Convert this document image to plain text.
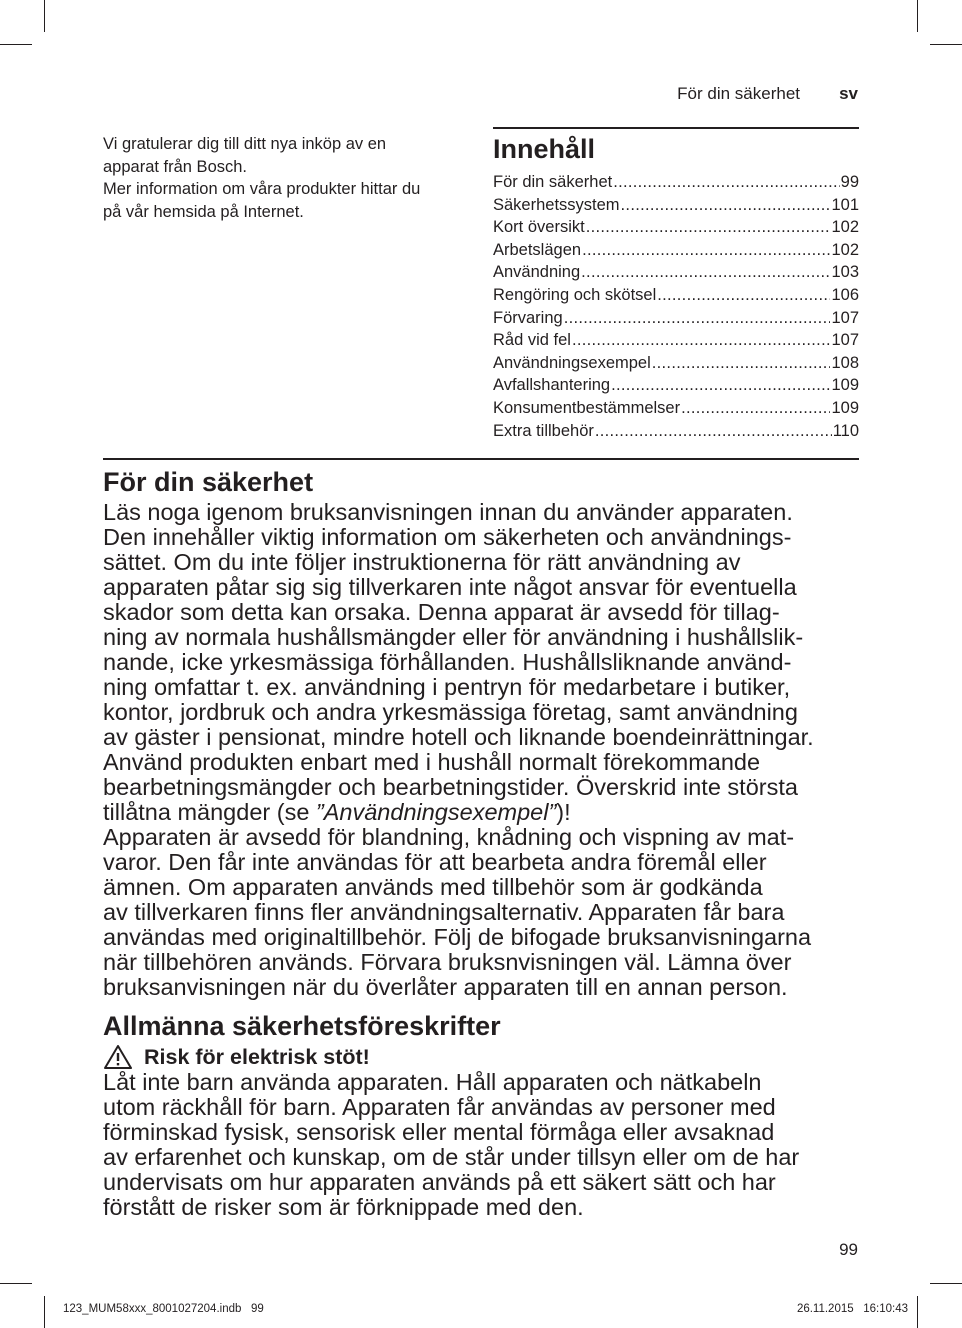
För din säkerhet sv
Vi gratulerar dig till ditt nya inköp av en
apparat från Bosch.
Mer information om våra produkter hittar du
på vår hemsida på Internet.
Innehåll
För din säkerhet .....	99
Säkerhetssystem .....	101
Kort översikt .....	102
Arbetslägen .....	102
Användning .....	103
Rengöring och skötsel .....	106
Förvaring .....	107
Råd vid fel .....	107
Användningsexempel .....	108
Avfallshantering .....	109
Konsumentbestämmelser .....	109
Extra tillbehör .....	110
För din säkerhet

Läs noga igenom bruksanvisningen innan du använder apparaten.
Den innehåller viktig information om säkerheten och användnings-
sättet. Om du inte följer instruktionerna för rätt användning av
apparaten påtar sig sig tillverkaren inte något ansvar för eventuella
skador som detta kan orsaka. Denna apparat är avsedd för tillag-
ning av normala hushållsmängder eller för användning i hushållslik-
nande, icke yrkesmässiga förhållanden. Hushållsliknande använd-
ning omfattar t. ex. användning i pentryn för medarbetare i butiker,
kontor, jordbruk och andra yrkesmässiga företag, samt användning
av gäster i pensionat, mindre hotell och liknande boendeinrättningar.
Använd produkten enbart med i hushåll normalt förekommande
bearbetningsmängder och bearbetningstider. Överskrid inte största
tillåtna mängder (se ”Användningsexempel”)!

Apparaten är avsedd för blandning, knådning och vispning av mat-
varor. Den får inte användas för att bearbeta andra föremål eller
ämnen. Om apparaten används med tillbehör som är godkända
av tillverkaren finns fler användningsalternativ. Apparaten får bara
användas med originaltillbehör. Följ de bifogade bruksanvisningarna
när tillbehören används. Förvara bruksnvisningen väl. Lämna över
bruksanvisningen när du överlåter apparaten till en annan person.

Allmänna säkerhetsföreskrifter
Risk för elektrisk stöt!
Låt inte barn använda apparaten. Håll apparaten och nätkabeln
utom räckhåll för barn. Apparaten får användas av personer med
förminskad fysisk, sensorisk eller mental förmåga eller avsaknad
av erfarenhet och kunskap, om de står under tillsyn eller om de har
undervisats om hur apparaten används på ett säkert sätt och har
förstått de risker som är förknippade med den.
99
123_MUM58xxx_8001027204.indb   99	26.11.2015   16:10:43
